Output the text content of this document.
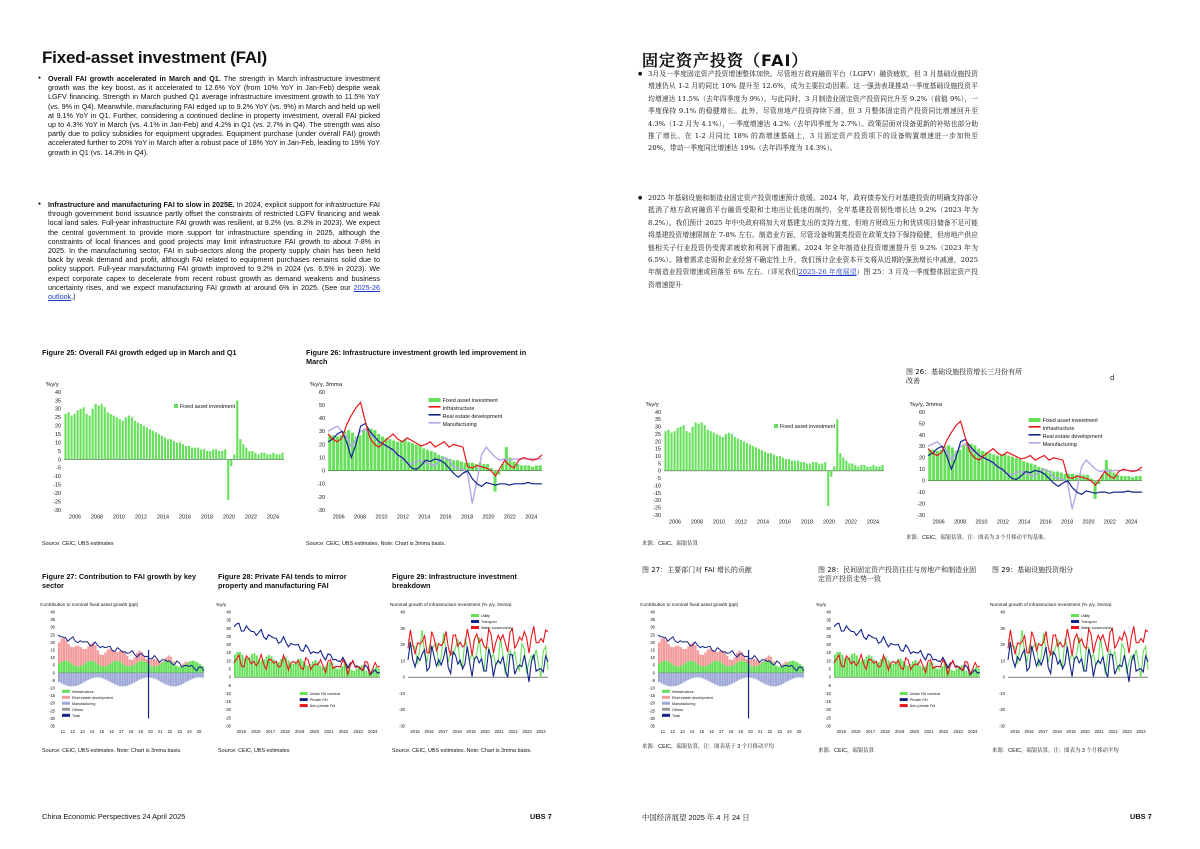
Fixed-asset investment (FAI)
● Overall FAI growth accelerated in March and Q1. The strength in March infrastructure investment growth was the key boost, as it accelerated to 12.6% YoY (from 10% YoY in Jan-Feb) despite weak LGFV financing. Strength in March pushed Q1 average infrastructure investment growth to 11.5% YoY (vs. 9% in Q4). Meanwhile, manufacturing FAI edged up to 9.2% YoY (vs. 9%) in March and held up well at 9.1% YoY in Q1. Further, considering a continued decline in property investment, overall FAI picked up to 4.3% YoY in March (vs. 4.1% in Jan-Feb) and 4.2% in Q1 (vs. 2.7% in Q4). The strength was also partly due to policy subsidies for equipment upgrades. Equipment purchase (under overall FAI) growth accelerated further to 20% YoY in March after a robust pace of 18% YoY in Jan-Feb, leading to 19% YoY growth in Q1 (vs. 14.3% in Q4).
● Infrastructure and manufacturing FAI to slow in 2025E. In 2024, explicit support for infrastructure FAI through government bond issuance partly offset the constraints of restricted LGFV financing and weak local land sales. Full-year infrastructure FAI growth was resilient, at 9.2% (vs. 8.2% in 2023). We expect the central government to provide more support for infrastructure spending in 2025, although the constraints of local finances and good projects may limit infrastructure FAI growth to about 7-8% in 2025. In the manufacturing sector, FAI in sub-sectors along the property supply chain has been held back by weak demand and profit, although FAI related to equipment purchases remains solid due to policy support. Full-year manufacturing FAI growth improved to 9.2% in 2024 (vs. 6.5% in 2023). We expect corporate capex to decelerate from recent robust growth as demand weakens and business uncertainty rises, and we expect manufacturing FAI growth at around 6% in 2025. (See our 2025-26 outlook.)
Figure 25: Overall FAI growth edged up in March and Q1	Figure 26: Infrastructure investment growth led improvement in March
%y/y
40
35
30
25
20
15
10
5
0
-5
-10
-15
-20
-25
-30
2006 2008 2010 2012 2014 2016 2018 2020 2022 2024
Fixed asset investment
%y/y, 3mma
60
50
40
30
20
10
0
-10
-20
-30
2006 2008 2010 2012 2014 2016 2018 2020 2022 2024
Fixed asset investment
Infrastructure
Real estate development
Manufacturing
Source: CEIC, UBS estimates	Source: CEIC, UBS estimates. Note: Chart is 3mma basis.
Figure 27: Contribution to FAI growth by key sector
Figure 28: Private FAI tends to mirror property and manufacturing FAI
Figure 29: Infrastructure investment breakdown
Contribution to nominal fixed asset growth (ppt)
40
35
30
25
20
15
10
5
0
-5
-10
-15
-20
-25
-30
-35
11 12 13 14 15 16 17 18 19 20 21 22 23 24 25
Infrastructure
Real estate development
Manufacturing
Others
Total
%y/y
40
35
30
25
20
15
10
5
0
-5
-10
-15
-20
-25
-30
2015 2016 2017 2018 2019 2020 2021 2022 2023 2024
Urban FAI nominal
Private FAI
Non-private FAI
Nominal growth of infrastructure investment (% y/y, 3mma)
40
30
20
10
0
-10
-20
-30
2015 2016 2017 2018 2019 2020 2021 2022 2023 2024
Utility
Transport
Water conservancy
Source: CEIC, UBS estimates. Note: Chart is 3mma basis.	Source: CEIC, UBS estimates	Source: CEIC, UBS estimates. Note: Chart is 3mma basis.
China Economic Perspectives 24 April 2025	UBS 7
固定资产投资（FAI）
● 3月及一季度固定资产投资增速整体加快。尽管地方政府融资平台（LGFV）融资疲软，但 3 月基础设施投资增速仍从 1-2 月的同比 10% 提升至 12.6%，成为主要拉动因素。这一强劲表现推动一季度基础设施投资平均增速达 11.5%（去年四季度为 9%）。与此同时，3 月制造业固定资产投资同比升至 9.2%（前值 9%），一季度保持 9.1% 的稳健增长。此外，尽管房地产投资持续下滑，但 3 月整体固定资产投资同比增速回升至 4.3%（1-2 月为 4.1%），一季度增速达 4.2%（去年四季度为 2.7%）。政策层面对设备更新的补贴也部分助推了增长。在 1-2 月同比 18% 的高增速基础上，3 月固定资产投资项下的设备购置增速进一步加快至 20%，带动一季度同比增速达 19%（去年四季度为 14.3%）。
● 2025 年基础设施和制造业固定资产投资增速预计放缓。2024 年，政府债券发行对基建投资的明确支持部分抵消了地方政府融资平台融资受限和土地出让低迷的制约，全年基建投资韧性增长达 9.2%（2023 年为 8.2%）。我们预计 2025 年中央政府将加大对基建支出的支持力度，但地方财政压力和优质项目储备不足可能将基建投资增速限制在 7-8% 左右。制造业方面，尽管设备购置类投资在政策支持下保持稳健，但房地产供应链相关子行业投资仍受需求疲软和利润下滑拖累。2024 年全年制造业投资增速提升至 9.2%（2023 年为 6.5%）。随着需求走弱和企业经营不确定性上升，我们预计企业资本开支将从近期的强劲增长中减速，2025 年制造业投资增速或回落至 6% 左右。（详见我们2025-26 年度展望）图 25：3 月及一季度整体固定资产投资增速提升
图 26：基础设施投资增长三月份有所改善	d
%y/y
40
35
30
25
20
15
10
5
0
-5
-10
-15
-20
-25
-30
2006 2008 2010 2012 2014 2016 2018 2020 2022 2024
Fixed asset investment
%y/y, 3mma
60
50
40
30
20
10
0
-10
-20
-30
2006 2008 2010 2012 2014 2016 2018 2020 2022 2024
Fixed asset investment
Infrastructure
Real estate development
Manufacturing
来源：CEIC，瑞银估算
来源：CEIC，瑞银估算，注：图表为 3 个月移动平均基准。
图 27：主要部门对 FAI 增长的贡献	图 28：民间固定资产投资往往与房地产和制造业固定资产投资走势一致
图 29：基础设施投资细分
Contribution to nominal fixed asset growth (ppt)
40
35
30
25
20
15
10
5
0
-5
-10
-15
-20
-25
-30
-35
11 12 13 14 15 16 17 18 19 20 21 22 23 24 25
Infrastructure
Real estate development
Manufacturing
Others
Total
%y/y
40
35
30
25
20
15
10
5
0
-5
-10
-15
-20
-25
-30
2015 2016 2017 2018 2019 2020 2021 2022 2023 2024
Urban FAI nominal
Private FAI
Non-private FAI
Nominal growth of infrastructure investment (% y/y, 3mma)
40
30
20
10
0
-10
-20
-30
2015 2016 2017 2018 2019 2020 2021 2022 2023 2024
Utility
Transport
Water conservancy
来源：CEIC，瑞银估算，注：图表基于 3 个月移动平均
来源：CEIC，瑞银估算	来源：CEIC，瑞银估算，注：图表为 3 个月移动平均
中国经济展望 2025 年 4 月 24 日	UBS 7
